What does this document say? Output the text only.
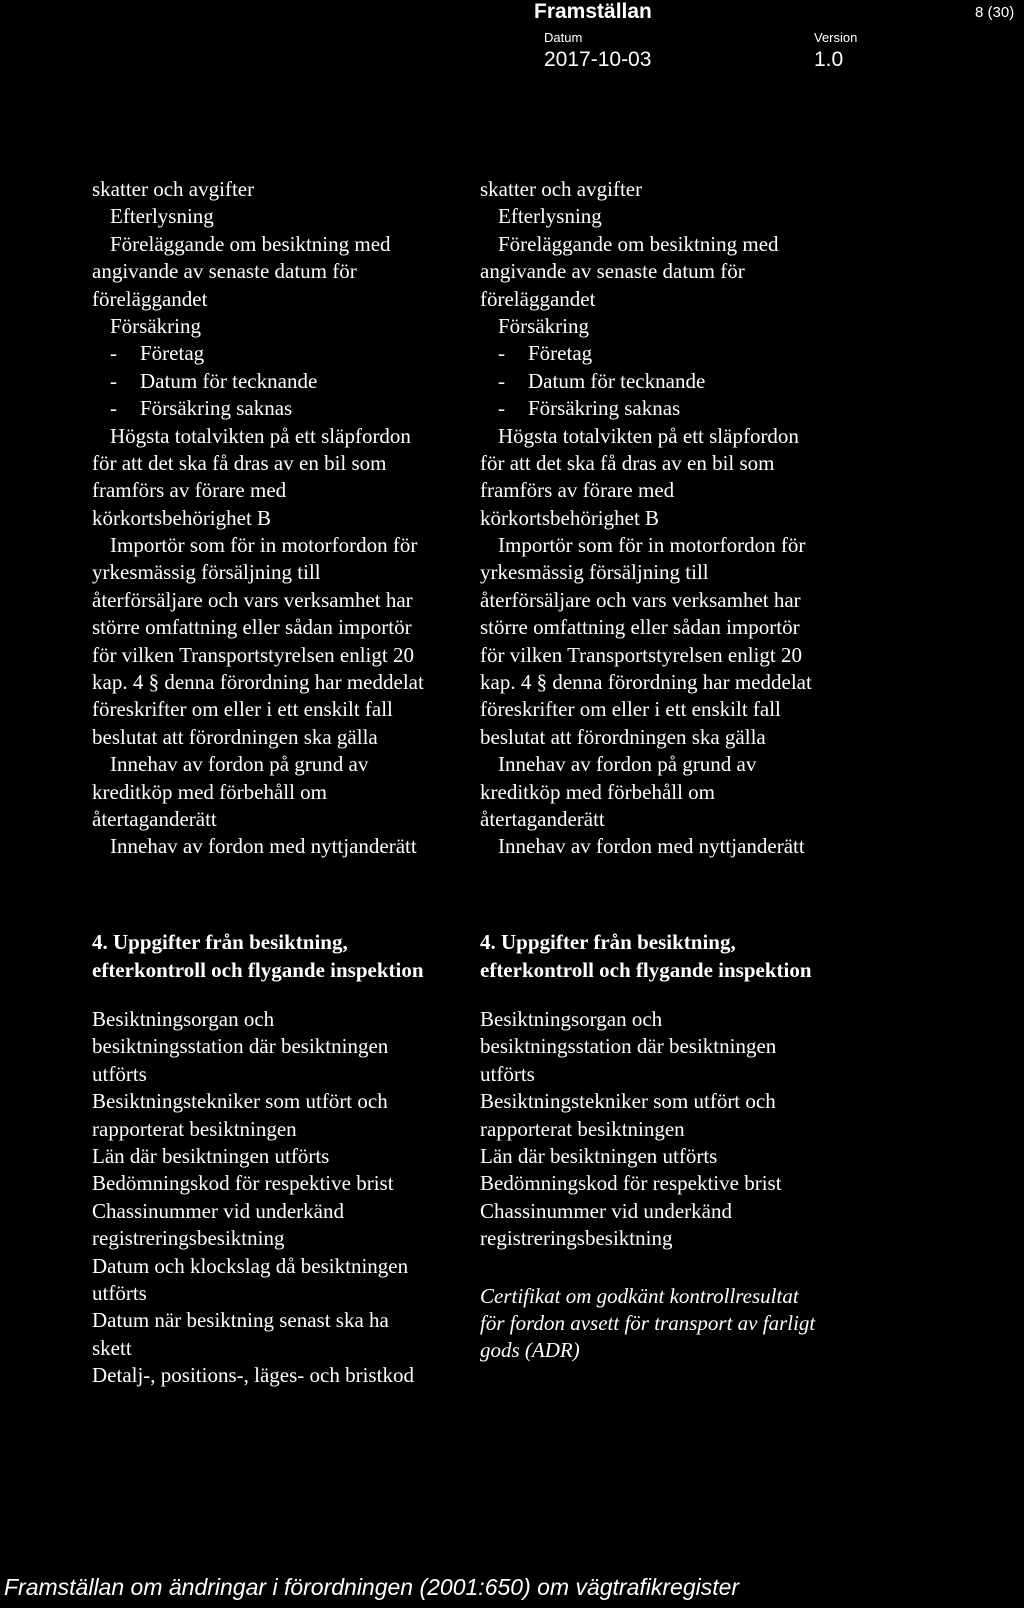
Framställan	8 (30)
Datum	Version
2017-10-03	1.0
skatter och avgifter
Efterlysning
Föreläggande om besiktning med
angivande av senaste datum för
föreläggandet
Försäkring
- Företag
- Datum för tecknande
- Försäkring saknas
Högsta totalvikten på ett släpfordon
för att det ska få dras av en bil som
framförs av förare med
körkortsbehörighet B
Importör som för in motorfordon för
yrkesmässig försäljning till
återförsäljare och vars verksamhet har
större omfattning eller sådan importör
för vilken Transportstyrelsen enligt 20
kap. 4 § denna förordning har meddelat
föreskrifter om eller i ett enskilt fall
beslutat att förordningen ska gälla
Innehav av fordon på grund av
kreditköp med förbehåll om
återtaganderätt
Innehav av fordon med nyttjanderätt
skatter och avgifter
Efterlysning
Föreläggande om besiktning med
angivande av senaste datum för
föreläggandet
Försäkring
- Företag
- Datum för tecknande
- Försäkring saknas
Högsta totalvikten på ett släpfordon
för att det ska få dras av en bil som
framförs av förare med
körkortsbehörighet B
Importör som för in motorfordon för
yrkesmässig försäljning till
återförsäljare och vars verksamhet har
större omfattning eller sådan importör
för vilken Transportstyrelsen enligt 20
kap. 4 § denna förordning har meddelat
föreskrifter om eller i ett enskilt fall
beslutat att förordningen ska gälla
Innehav av fordon på grund av
kreditköp med förbehåll om
återtaganderätt
Innehav av fordon med nyttjanderätt
4. Uppgifter från besiktning,
efterkontroll och flygande inspektion
Besiktningsorgan och
besiktningsstation där besiktningen
utförts
Besiktningstekniker som utfört och
rapporterat besiktningen
Län där besiktningen utförts
Bedömningskod för respektive brist
Chassinummer vid underkänd
registreringsbesiktning
Datum och klockslag då besiktningen
utförts
Datum när besiktning senast ska ha
skett
Detalj-, positions-, läges- och bristkod
4. Uppgifter från besiktning,
efterkontroll och flygande inspektion
Besiktningsorgan och
besiktningsstation där besiktningen
utförts
Besiktningstekniker som utfört och
rapporterat besiktningen
Län där besiktningen utförts
Bedömningskod för respektive brist
Chassinummer vid underkänd
registreringsbesiktning
Certifikat om godkänt kontrollresultat
för fordon avsett för transport av farligt
gods (ADR)
Framställan om ändringar i förordningen (2001:650) om vägtrafikregister
